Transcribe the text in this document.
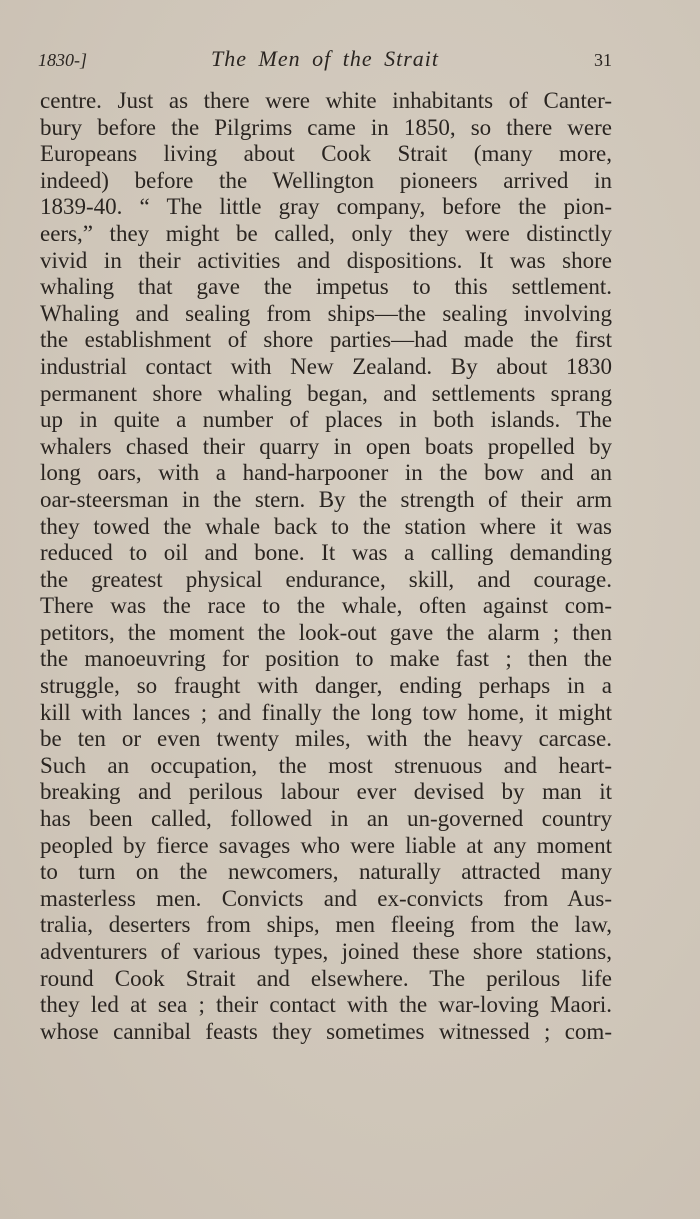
1830-]	The Men of the Strait	31

centre. Just as there were white inhabitants of Canter-
bury before the Pilgrims came in 1850, so there were
Europeans living about Cook Strait (many more,
indeed) before the Wellington pioneers arrived in
1839-40. “ The little gray company, before the pion-
eers,” they might be called, only they were distinctly
vivid in their activities and dispositions. It was shore
whaling that gave the impetus to this settlement.
Whaling and sealing from ships—the sealing involving
the establishment of shore parties—had made the first
industrial contact with New Zealand. By about 1830
permanent shore whaling began, and settlements sprang
up in quite a number of places in both islands. The
whalers chased their quarry in open boats propelled by
long oars, with a hand-harpooner in the bow and an
oar-steersman in the stern. By the strength of their arm
they towed the whale back to the station where it was
reduced to oil and bone. It was a calling demanding
the greatest physical endurance, skill, and courage.
There was the race to the whale, often against com-
petitors, the moment the look-out gave the alarm ; then
the manoeuvring for position to make fast ; then the
struggle, so fraught with danger, ending perhaps in a
kill with lances ; and finally the long tow home, it might
be ten or even twenty miles, with the heavy carcase.
Such an occupation, the most strenuous and heart-
breaking and perilous labour ever devised by man it
has been called, followed in an un-governed country
peopled by fierce savages who were liable at any moment
to turn on the newcomers, naturally attracted many
masterless men. Convicts and ex-convicts from Aus-
tralia, deserters from ships, men fleeing from the law,
adventurers of various types, joined these shore stations,
round Cook Strait and elsewhere. The perilous life
they led at sea ; their contact with the war-loving Maori.
whose cannibal feasts they sometimes witnessed ; com-
